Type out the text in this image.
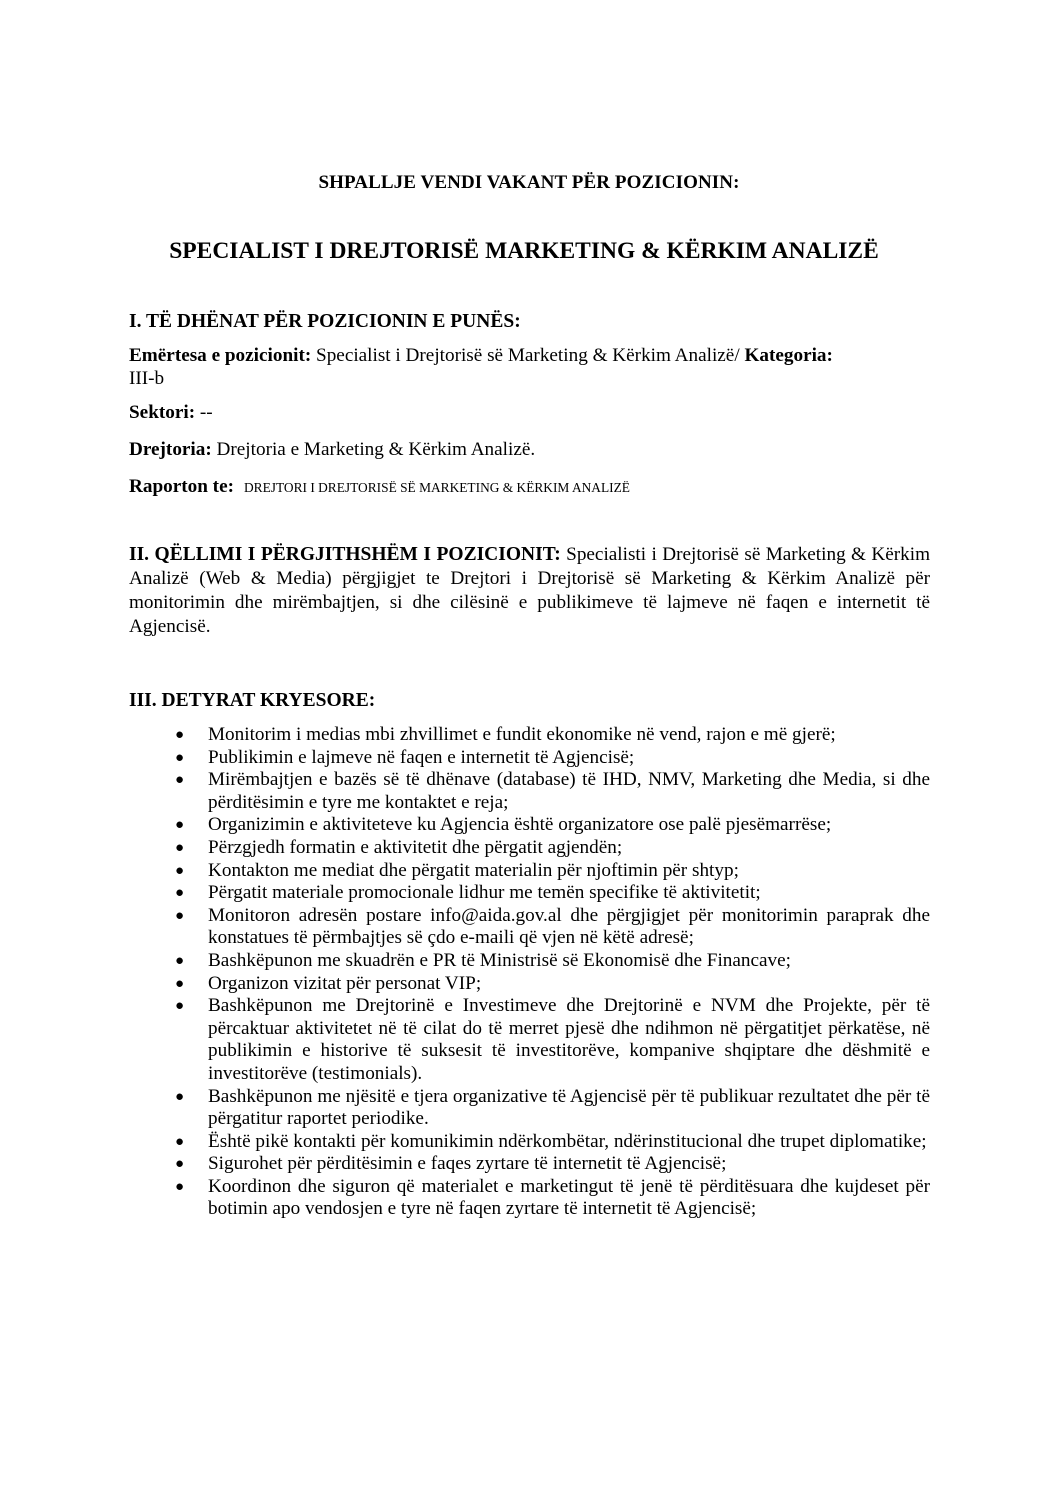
SHPALLJE VENDI VAKANT PËR POZICIONIN:
SPECIALIST I DREJTORISË MARKETING & KËRKIM ANALIZË
I. TË DHËNAT PËR POZICIONIN E PUNËS:
Emërtesa e pozicionit: Specialist i Drejtorisë së Marketing & Kërkim Analizë/ Kategoria:
III-b
Sektori: --
Drejtoria: Drejtoria e Marketing & Kërkim Analizë.
Raporton te: DREJTORI I DREJTORISË SË MARKETING & KËRKIM ANALIZË
II. QËLLIMI I PËRGJITHSHËM I POZICIONIT: Specialisti i Drejtorisë së Marketing & Kërkim Analizë (Web & Media) përgjigjet te Drejtori i Drejtorisë së Marketing & Kërkim Analizë për monitorimin dhe mirëmbajtjen, si dhe cilësinë e publikimeve të lajmeve në faqen e internetit të Agjencisë.
III. DETYRAT KRYESORE:
● Monitorim i medias mbi zhvillimet e fundit ekonomike në vend, rajon e më gjerë;
● Publikimin e lajmeve në faqen e internetit të Agjencisë;
● Mirëmbajtjen e bazës së të dhënave (database) të IHD, NMV, Marketing dhe Media, si dhe përditësimin e tyre me kontaktet e reja;
● Organizimin e aktiviteteve ku Agjencia është organizatore ose palë pjesëmarrëse;
● Përzgjedh formatin e aktivitetit dhe përgatit agjendën;
● Kontakton me mediat dhe përgatit materialin për njoftimin për shtyp;
● Përgatit materiale promocionale lidhur me temën specifike të aktivitetit;
● Monitoron adresën postare info@aida.gov.al dhe përgjigjet për monitorimin paraprak dhe konstatues të përmbajtjes së çdo e-maili që vjen në këtë adresë;
● Bashkëpunon me skuadrën e PR të Ministrisë së Ekonomisë dhe Financave;
● Organizon vizitat për personat VIP;
● Bashkëpunon me Drejtorinë e Investimeve dhe Drejtorinë e NVM dhe Projekte, për të përcaktuar aktivitetet në të cilat do të merret pjesë dhe ndihmon në përgatitjet përkatëse, në publikimin e historive të suksesit të investitorëve, kompanive shqiptare dhe dëshmitë e investitorëve (testimonials).
● Bashkëpunon me njësitë e tjera organizative të Agjencisë për të publikuar rezultatet dhe për të përgatitur raportet periodike.
● Është pikë kontakti për komunikimin ndërkombëtar, ndërinstitucional dhe trupet diplomatike;
● Sigurohet për përditësimin e faqes zyrtare të internetit të Agjencisë;
● Koordinon dhe siguron që materialet e marketingut të jenë të përditësuara dhe kujdeset për botimin apo vendosjen e tyre në faqen zyrtare të internetit të Agjencisë;
